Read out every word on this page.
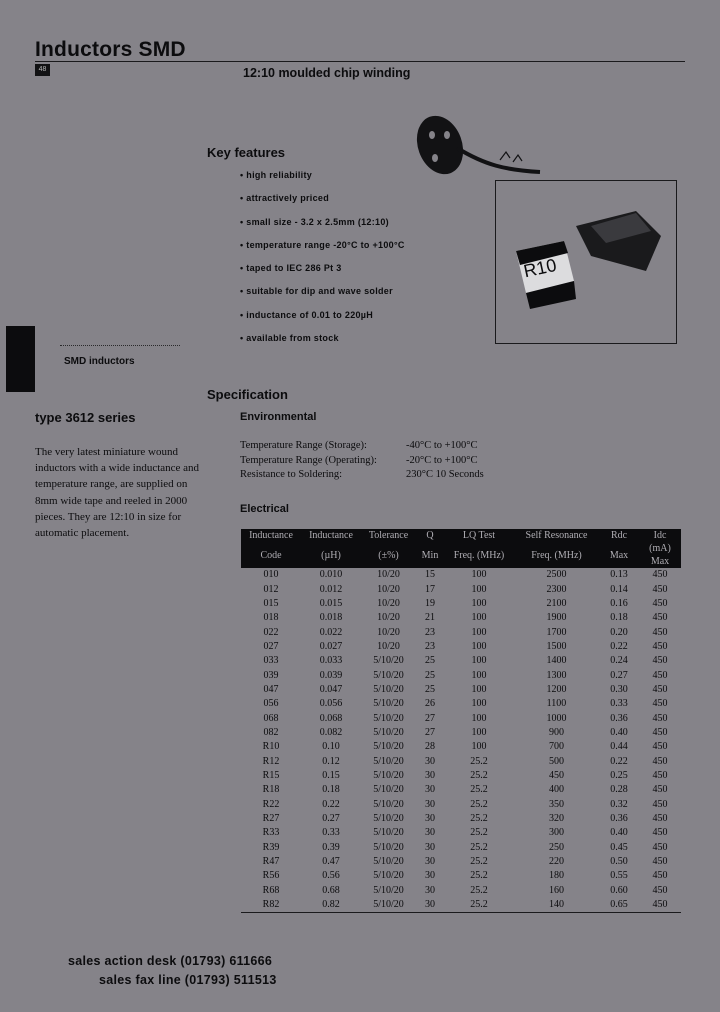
Inductors SMD
48	12:10 moulded chip winding
R10
Key features
• high reliability
• attractively priced
• small size - 3.2 x 2.5mm (12:10)
• temperature range -20°C to +100°C
• taped to IEC 286 Pt 3
• suitable for dip and wave solder
• inductance of 0.01 to 220µH
• available from stock
SMD inductors
Specification
type 3612 series
The very latest miniature wound inductors with a wide inductance and temperature range, are supplied on 8mm wide tape and reeled in 2000 pieces. They are 12:10 in size for automatic placement.
Environmental
Temperature Range (Storage):	-40°C to +100°C
Temperature Range (Operating):	-20°C to +100°C
Resistance to Soldering:	230°C 10 Seconds
Electrical
Inductance	Inductance	Tolerance	Q	LQ Test	Self Resonance	Rdc	Idc
Code	(µH)	(±%)	Min	Freq. (MHz)	Freq. (MHz)	Max	(mA) Max
010	0.010	10/20	15	100	2500	0.13	450
012	0.012	10/20	17	100	2300	0.14	450
015	0.015	10/20	19	100	2100	0.16	450
018	0.018	10/20	21	100	1900	0.18	450
022	0.022	10/20	23	100	1700	0.20	450
027	0.027	10/20	23	100	1500	0.22	450
033	0.033	5/10/20	25	100	1400	0.24	450
039	0.039	5/10/20	25	100	1300	0.27	450
047	0.047	5/10/20	25	100	1200	0.30	450
056	0.056	5/10/20	26	100	1100	0.33	450
068	0.068	5/10/20	27	100	1000	0.36	450
082	0.082	5/10/20	27	100	900	0.40	450
R10	0.10	5/10/20	28	100	700	0.44	450
R12	0.12	5/10/20	30	25.2	500	0.22	450
R15	0.15	5/10/20	30	25.2	450	0.25	450
R18	0.18	5/10/20	30	25.2	400	0.28	450
R22	0.22	5/10/20	30	25.2	350	0.32	450
R27	0.27	5/10/20	30	25.2	320	0.36	450
R33	0.33	5/10/20	30	25.2	300	0.40	450
R39	0.39	5/10/20	30	25.2	250	0.45	450
R47	0.47	5/10/20	30	25.2	220	0.50	450
R56	0.56	5/10/20	30	25.2	180	0.55	450
R68	0.68	5/10/20	30	25.2	160	0.60	450
R82	0.82	5/10/20	30	25.2	140	0.65	450
sales action desk (01793) 611666
sales fax line (01793) 511513
